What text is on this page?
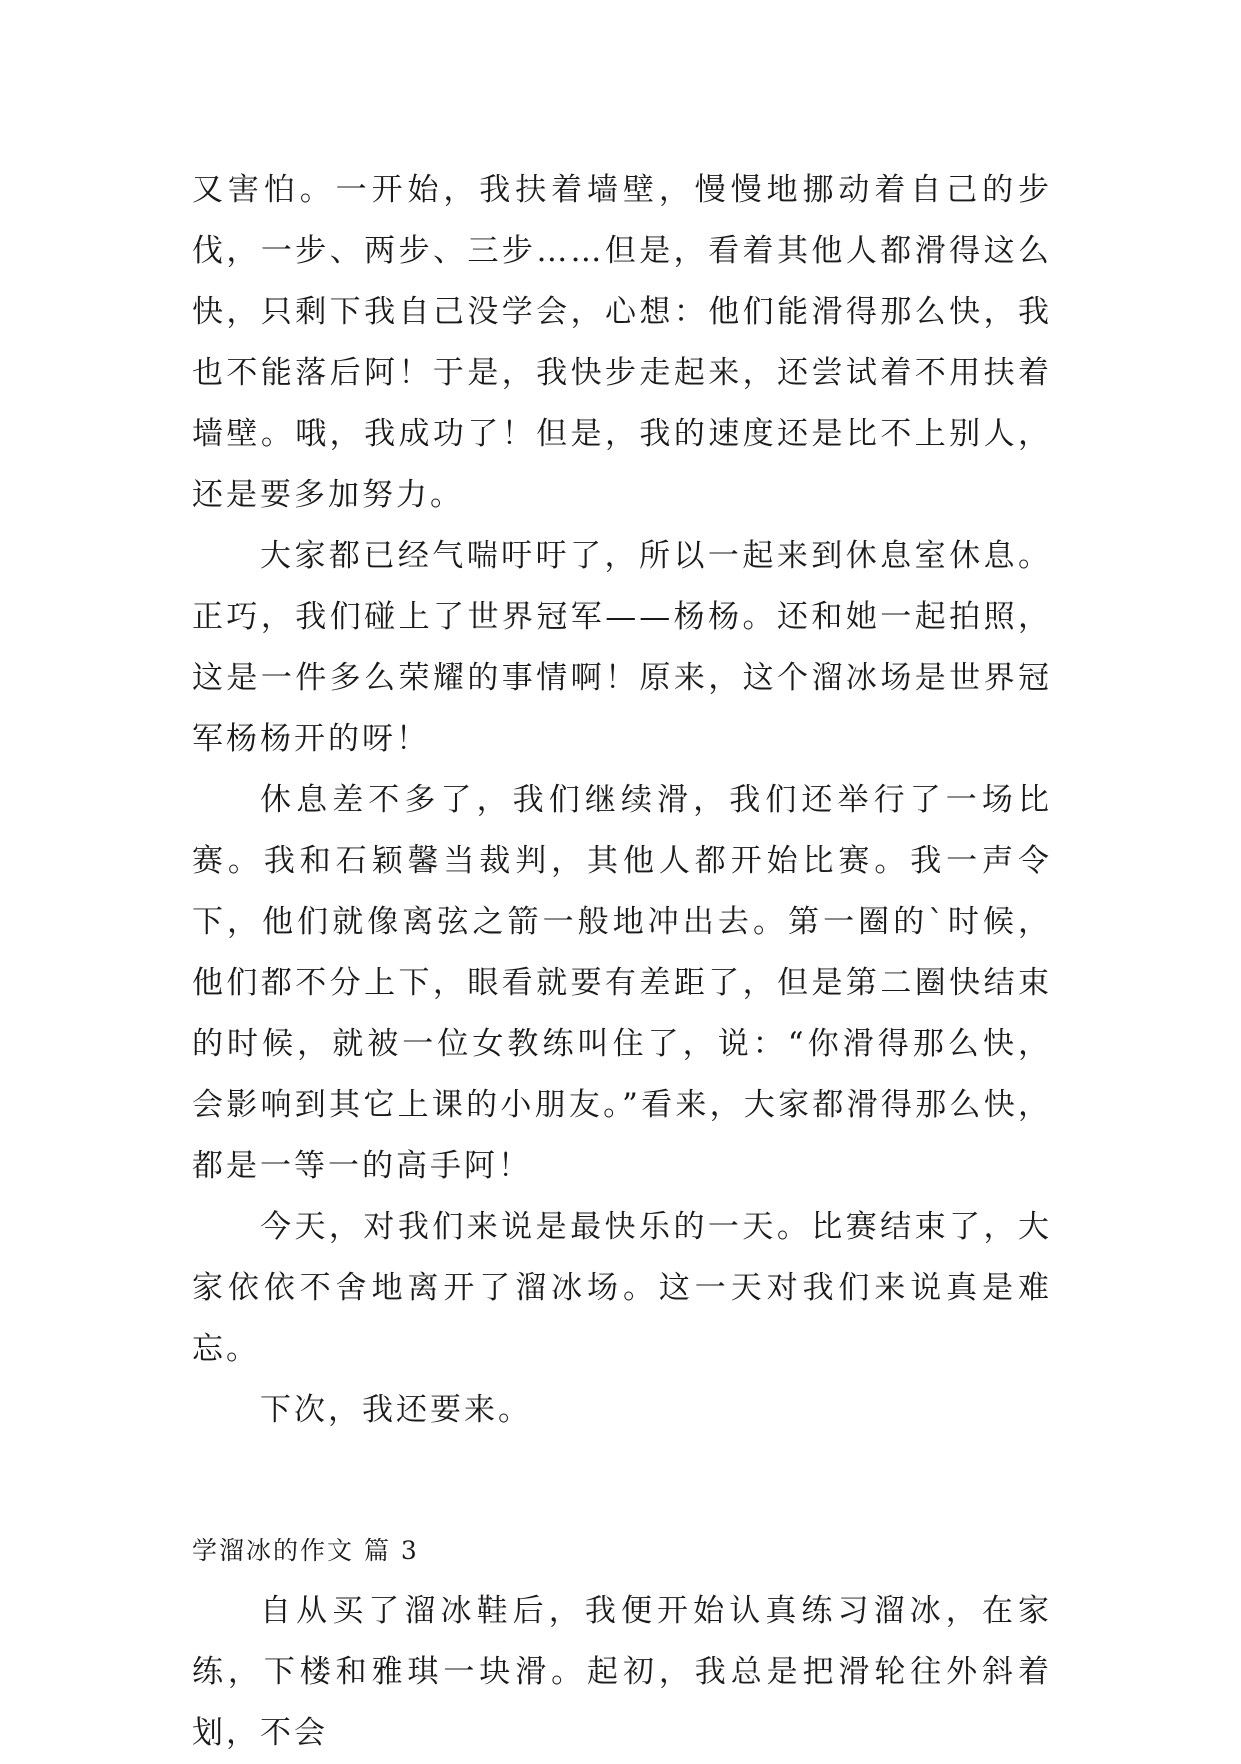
又害怕。一开始，我扶着墙壁，慢慢地挪动着自己的步伐，一步、两步、三步……但是，看着其他人都滑得这么快，只剩下我自己没学会，心想：他们能滑得那么快，我也不能落后阿！于是，我快步走起来，还尝试着不用扶着墙壁。哦，我成功了！但是，我的速度还是比不上别人，还是要多加努力。

大家都已经气喘吁吁了，所以一起来到休息室休息。正巧，我们碰上了世界冠军——杨杨。还和她一起拍照，这是一件多么荣耀的事情啊！原来，这个溜冰场是世界冠军杨杨开的呀！

休息差不多了，我们继续滑，我们还举行了一场比赛。我和石颖馨当裁判，其他人都开始比赛。我一声令下，他们就像离弦之箭一般地冲出去。第一圈的`时候，他们都不分上下，眼看就要有差距了，但是第二圈快结束的时候，就被一位女教练叫住了，说：“你滑得那么快，会影响到其它上课的小朋友。”看来，大家都滑得那么快，都是一等一的高手阿！

今天，对我们来说是最快乐的一天。比赛结束了，大家依依不舍地离开了溜冰场。这一天对我们来说真是难忘。

下次，我还要来。

学溜冰的作文 篇 3

自从买了溜冰鞋后，我便开始认真练习溜冰，在家练，下楼和雅琪一块滑。起初，我总是把滑轮往外斜着划，不会
